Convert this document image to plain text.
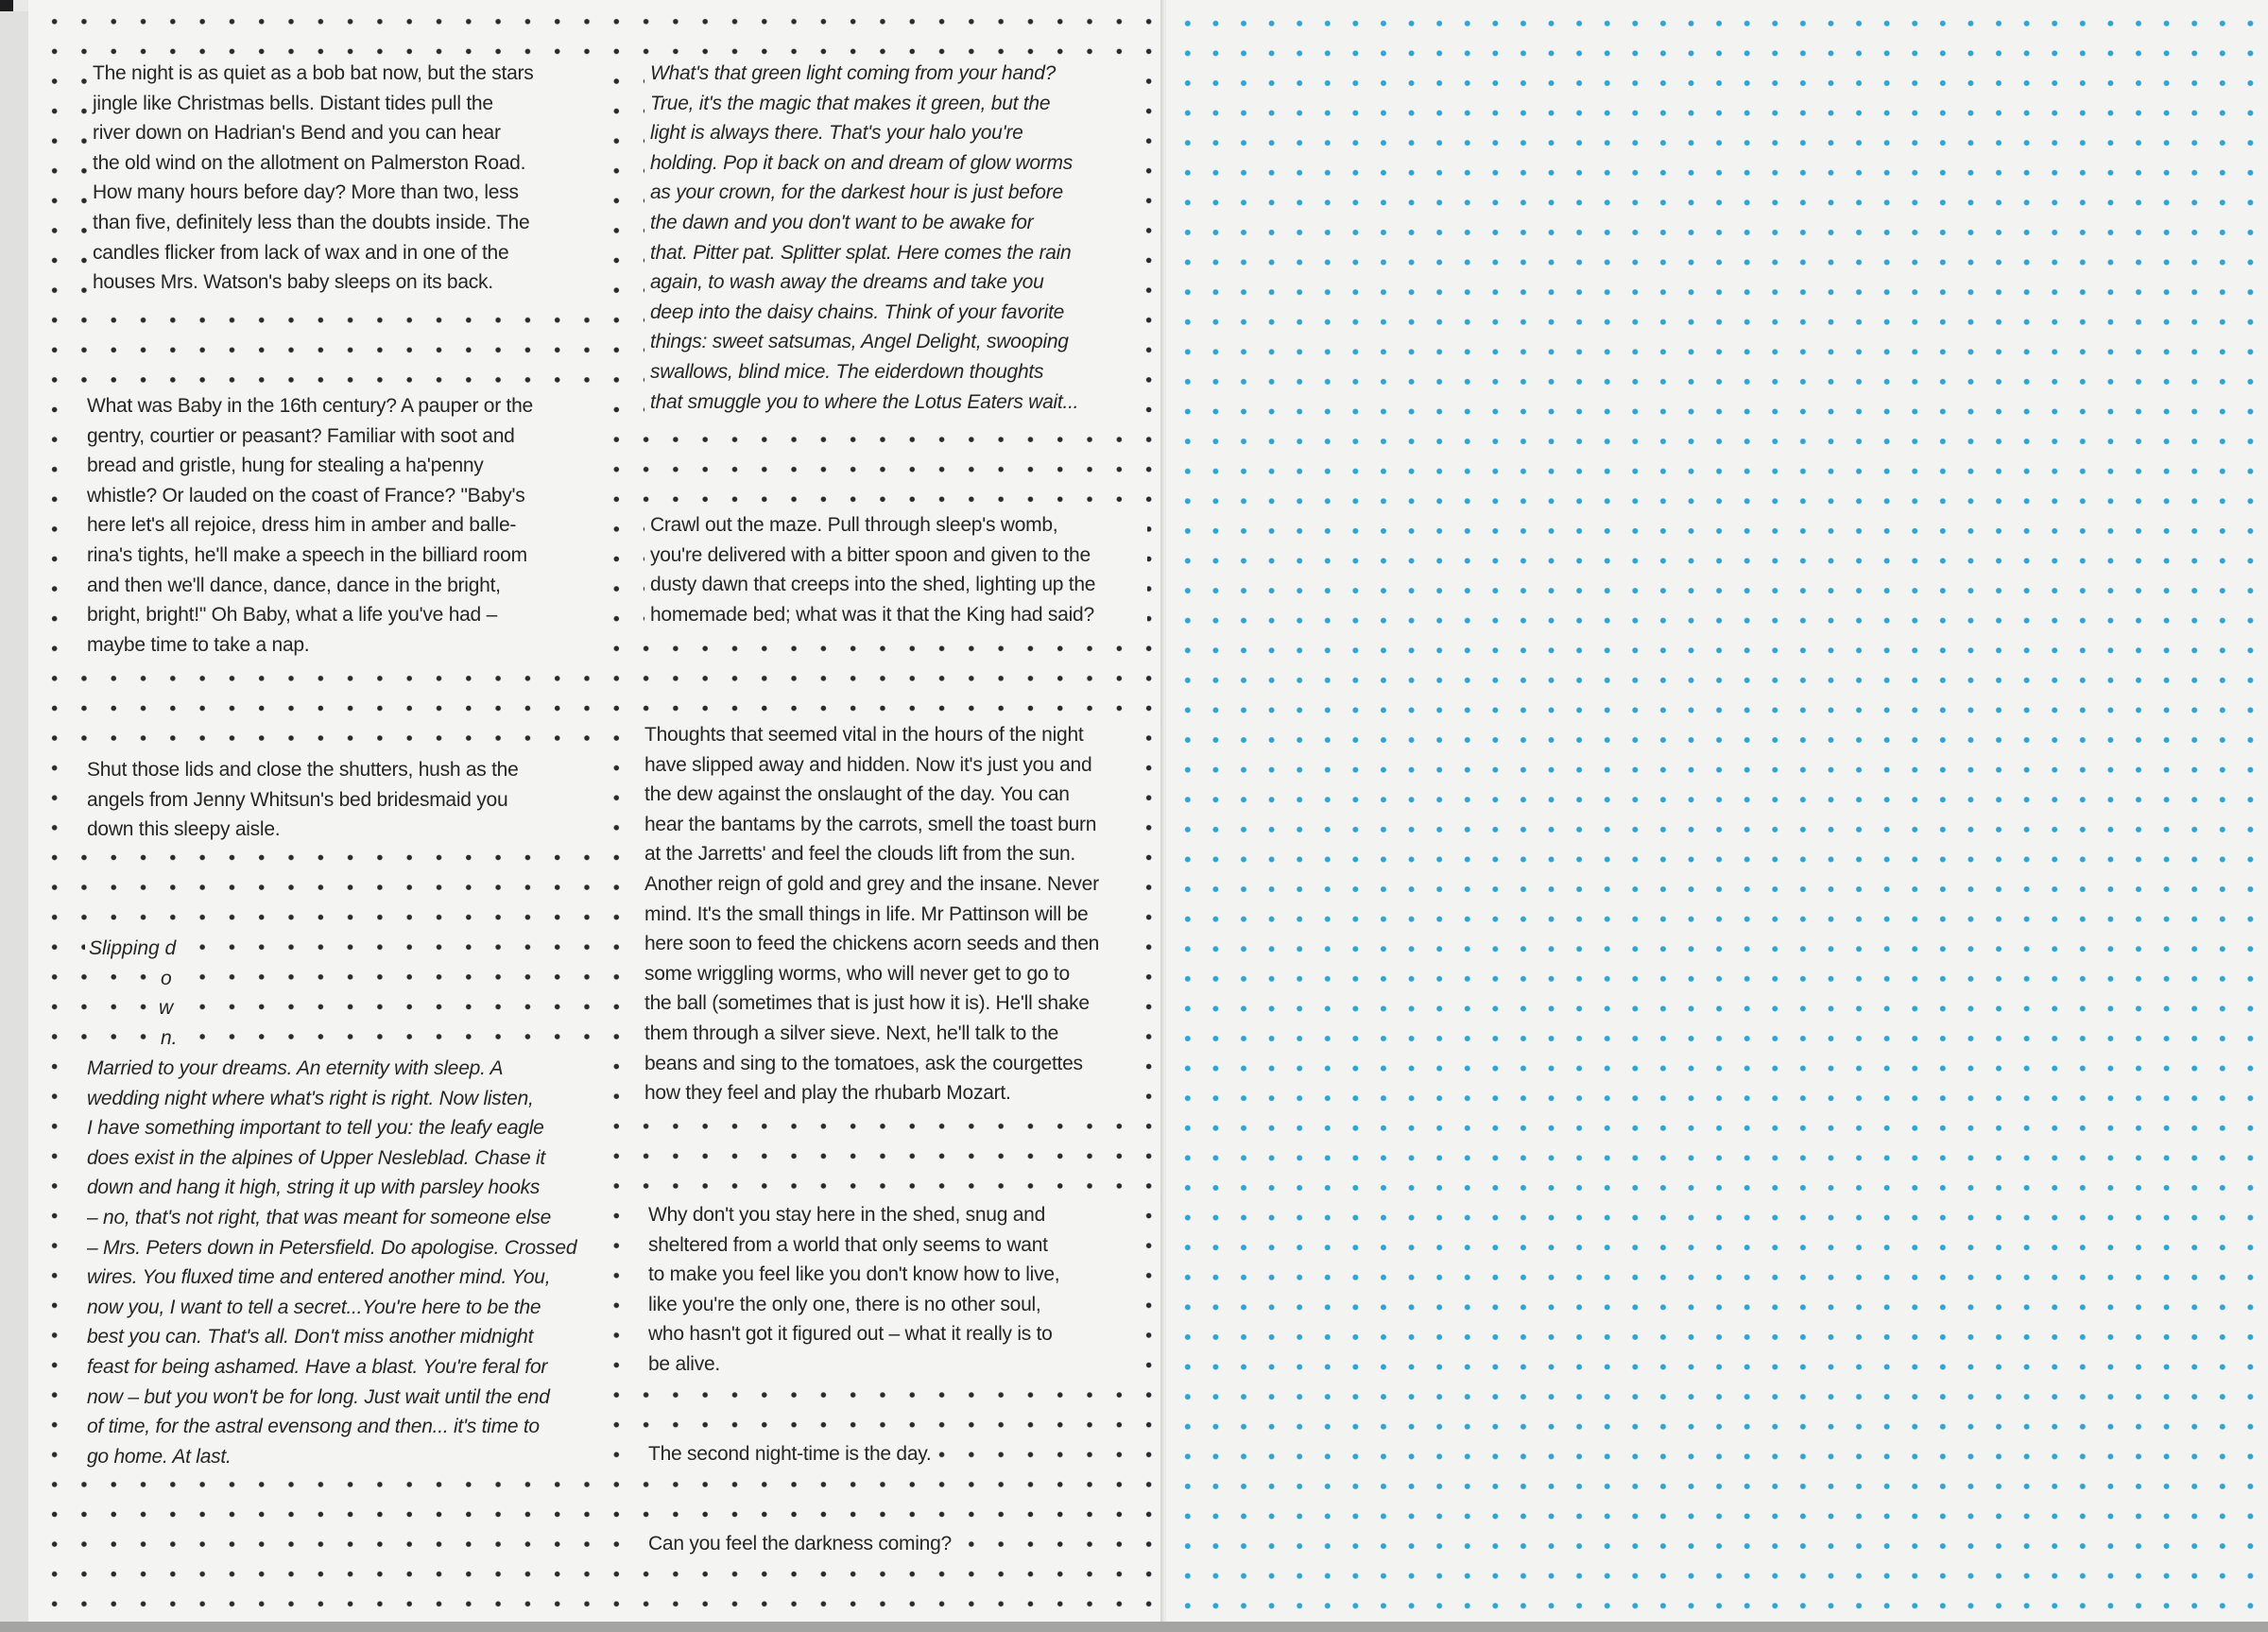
The night is as quiet as a bob bat now, but the stars
jingle like Christmas bells. Distant tides pull the
river down on Hadrian's Bend and you can hear
the old wind on the allotment on Palmerston Road.
How many hours before day? More than two, less
than five, definitely less than the doubts inside. The
candles flicker from lack of wax and in one of the
houses Mrs. Watson's baby sleeps on its back.
What was Baby in the 16th century? A pauper or the
gentry, courtier or peasant? Familiar with soot and
bread and gristle, hung for stealing a ha'penny
whistle? Or lauded on the coast of France? "Baby's
here let's all rejoice, dress him in amber and balle-
rina's tights, he'll make a speech in the billiard room
and then we'll dance, dance, dance in the bright,
bright, bright!" Oh Baby, what a life you've had –
maybe time to take a nap.
Shut those lids and close the shutters, hush as the
angels from Jenny Whitsun's bed bridesmaid you
down this sleepy aisle.
Slipping d
o
w
n.
Married to your dreams. An eternity with sleep. A
wedding night where what's right is right. Now listen,
I have something important to tell you: the leafy eagle
does exist in the alpines of Upper Nesleblad. Chase it
down and hang it high, string it up with parsley hooks
– no, that's not right, that was meant for someone else
– Mrs. Peters down in Petersfield. Do apologise. Crossed
wires. You fluxed time and entered another mind. You,
now you, I want to tell a secret...You're here to be the
best you can. That's all. Don't miss another midnight
feast for being ashamed. Have a blast. You're feral for
now – but you won't be for long. Just wait until the end
of time, for the astral evensong and then... it's time to
go home. At last.
What's that green light coming from your hand?
True, it's the magic that makes it green, but the
light is always there. That's your halo you're
holding. Pop it back on and dream of glow worms
as your crown, for the darkest hour is just before
the dawn and you don't want to be awake for
that. Pitter pat. Splitter splat. Here comes the rain
again, to wash away the dreams and take you
deep into the daisy chains. Think of your favorite
things: sweet satsumas, Angel Delight, swooping
swallows, blind mice. The eiderdown thoughts
that smuggle you to where the Lotus Eaters wait...
Crawl out the maze. Pull through sleep's womb,
you're delivered with a bitter spoon and given to the
dusty dawn that creeps into the shed, lighting up the
homemade bed; what was it that the King had said?
Thoughts that seemed vital in the hours of the night
have slipped away and hidden. Now it's just you and
the dew against the onslaught of the day. You can
hear the bantams by the carrots, smell the toast burn
at the Jarretts' and feel the clouds lift from the sun.
Another reign of gold and grey and the insane. Never
mind. It's the small things in life. Mr Pattinson will be
here soon to feed the chickens acorn seeds and then
some wriggling worms, who will never get to go to
the ball (sometimes that is just how it is). He'll shake
them through a silver sieve. Next, he'll talk to the
beans and sing to the tomatoes, ask the courgettes
how they feel and play the rhubarb Mozart.
Why don't you stay here in the shed, snug and
sheltered from a world that only seems to want
to make you feel like you don't know how to live,
like you're the only one, there is no other soul,
who hasn't got it figured out – what it really is to
be alive.
The second night-time is the day.
Can you feel the darkness coming?
